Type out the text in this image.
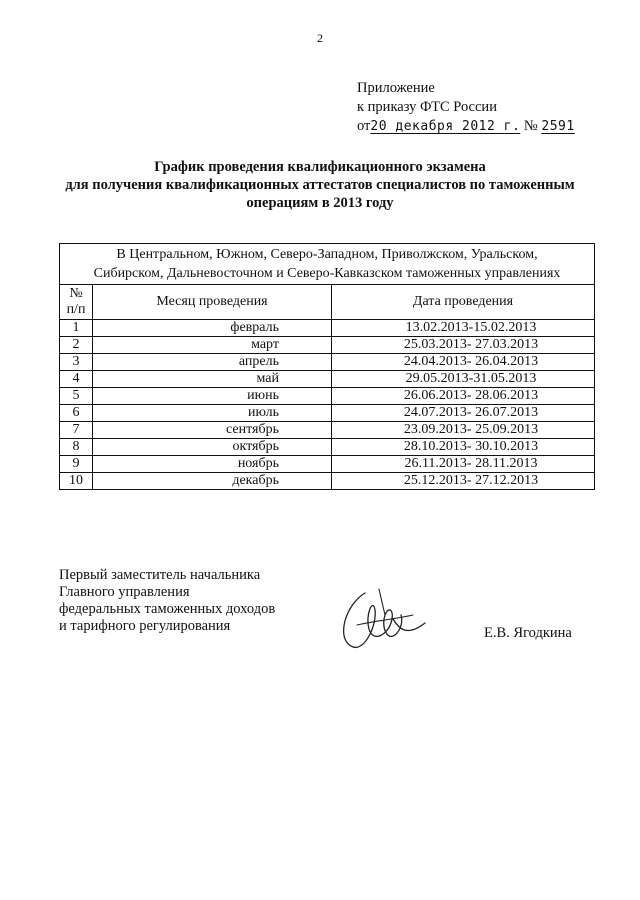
2
Приложение
к приказу ФТС России
от20 декабря 2012 г. № 2591
График проведения квалификационного экзамена
для получения квалификационных аттестатов специалистов по таможенным
операциям в 2013 году
В Центральном, Южном, Северо-Западном, Приволжском, Уральском,
Сибирском, Дальневосточном и Северо-Кавказском таможенных управлениях		

№
п/п	Месяц проведения	Дата проведения
1	февраль	13.02.2013-15.02.2013
2	март	25.03.2013- 27.03.2013
3	апрель	24.04.2013- 26.04.2013
4	май	29.05.2013-31.05.2013
5	июнь	26.06.2013- 28.06.2013
6	июль	24.07.2013- 26.07.2013
7	сентябрь	23.09.2013- 25.09.2013
8	октябрь	28.10.2013- 30.10.2013
9	ноябрь	26.11.2013- 28.11.2013
10	декабрь	25.12.2013- 27.12.2013
Первый заместитель начальника
Главного управления
федеральных таможенных доходов
и тарифного регулирования	Е.В. Ягодкина
